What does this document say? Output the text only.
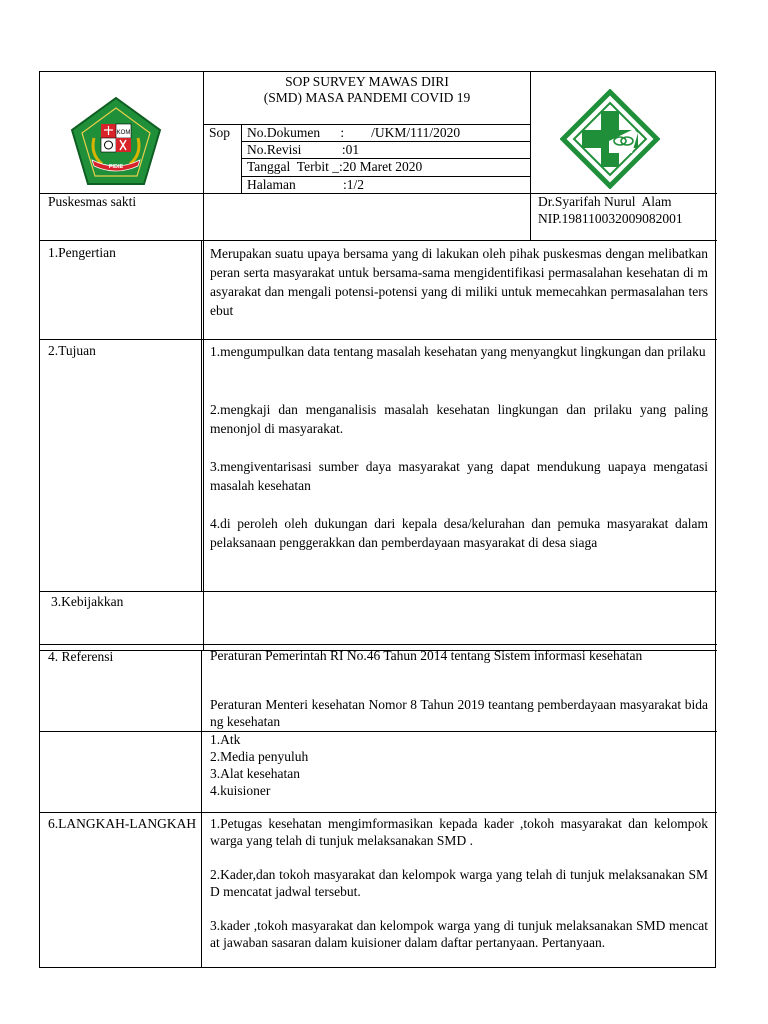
KOM
PIDIE
SOP SURVEY MAWAS DIRI
(SMD) MASA PANDEMI COVID 19
Sop No.Dokumen      :        /UKM/111/2020
No.Revisi            :01
Tanggal  Terbit _:20 Maret 2020
Halaman              :1/2
Puskesmas sakti	Dr.Syarifah Nurul  Alam
NIP.198110032009082001
1.Pengertian	Merupakan suatu upaya bersama yang di lakukan oleh pihak puskesmas dengan melibatkan peran serta masyarakat untuk bersama-sama mengidentifikasi permasalahan kesehatan di masyarakat dan mengali potensi-potensi yang di miliki untuk memecahkan permasalahan tersebut
2.Tujuan	1.mengumpulkan data tentang masalah kesehatan yang menyangkut lingkungan dan prilaku
2.mengkaji dan menganalisis masalah kesehatan lingkungan dan prilaku yang paling menonjol di masyarakat.
3.mengiventarisasi sumber daya masyarakat yang dapat mendukung uapaya mengatasi masalah kesehatan
4.di peroleh oleh dukungan dari kepala desa/kelurahan dan pemuka masyarakat dalam pelaksanaan penggerakkan dan pemberdayaan masyarakat di desa siaga
3.Kebijakkan
4. Referensi	Peraturan Pemerintah RI No.46 Tahun 2014 tentang Sistem informasi kesehatan
Peraturan Menteri kesehatan Nomor 8 Tahun 2019 teantang pemberdayaan masyarakat bidang kesehatan
1.Atk
2.Media penyuluh
3.Alat kesehatan
4.kuisioner
6.LANGKAH-LANGKAH 1.Petugas kesehatan mengimformasikan kepada kader ,tokoh masyarakat dan kelompok warga yang telah di tunjuk melaksanakan SMD .
2.Kader,dan tokoh masyarakat dan kelompok warga yang telah di tunjuk melaksanakan SMD mencatat jadwal tersebut.
3.kader ,tokoh masyarakat dan kelompok warga yang di tunjuk melaksanakan SMD mencatat jawaban sasaran dalam kuisioner dalam daftar pertanyaan. Pertanyaan.
